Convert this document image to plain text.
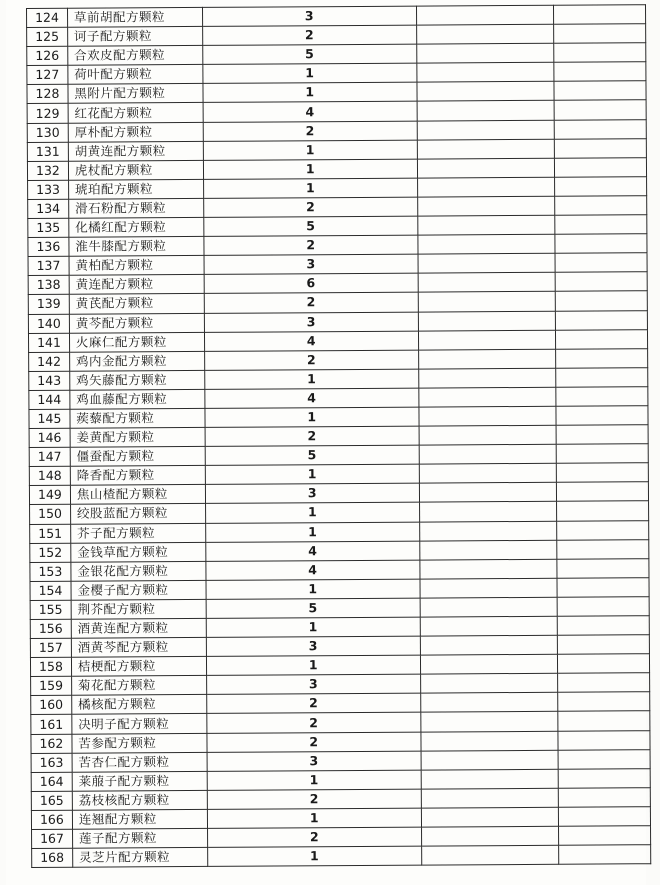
124	草前胡配方颗粒	3		
125	诃子配方颗粒	2		
126	合欢皮配方颗粒	5		
127	荷叶配方颗粒	1		
128	黑附片配方颗粒	1		
129	红花配方颗粒	4		
130	厚朴配方颗粒	2		
131	胡黄连配方颗粒	1		
132	虎杖配方颗粒	1		
133	琥珀配方颗粒	1		
134	滑石粉配方颗粒	2		
135	化橘红配方颗粒	5		
136	淮牛膝配方颗粒	2		
137	黄柏配方颗粒	3		
138	黄连配方颗粒	6		
139	黄芪配方颗粒	2		
140	黄芩配方颗粒	3		
141	火麻仁配方颗粒	4		
142	鸡内金配方颗粒	2		
143	鸡矢藤配方颗粒	1		
144	鸡血藤配方颗粒	4		
145	蒺藜配方颗粒	1		
146	姜黄配方颗粒	2		
147	僵蚕配方颗粒	5		
148	降香配方颗粒	1		
149	焦山楂配方颗粒	3		
150	绞股蓝配方颗粒	1		
151	芥子配方颗粒	1		
152	金钱草配方颗粒	4		
153	金银花配方颗粒	4		
154	金樱子配方颗粒	1		
155	荆芥配方颗粒	5		
156	酒黄连配方颗粒	1		
157	酒黄芩配方颗粒	3		
158	桔梗配方颗粒	1		
159	菊花配方颗粒	3		
160	橘核配方颗粒	2		
161	决明子配方颗粒	2		
162	苦参配方颗粒	2		
163	苦杏仁配方颗粒	3		
164	莱菔子配方颗粒	1		
165	荔枝核配方颗粒	2		
166	连翘配方颗粒	1		
167	莲子配方颗粒	2		
168	灵芝片配方颗粒	1		
